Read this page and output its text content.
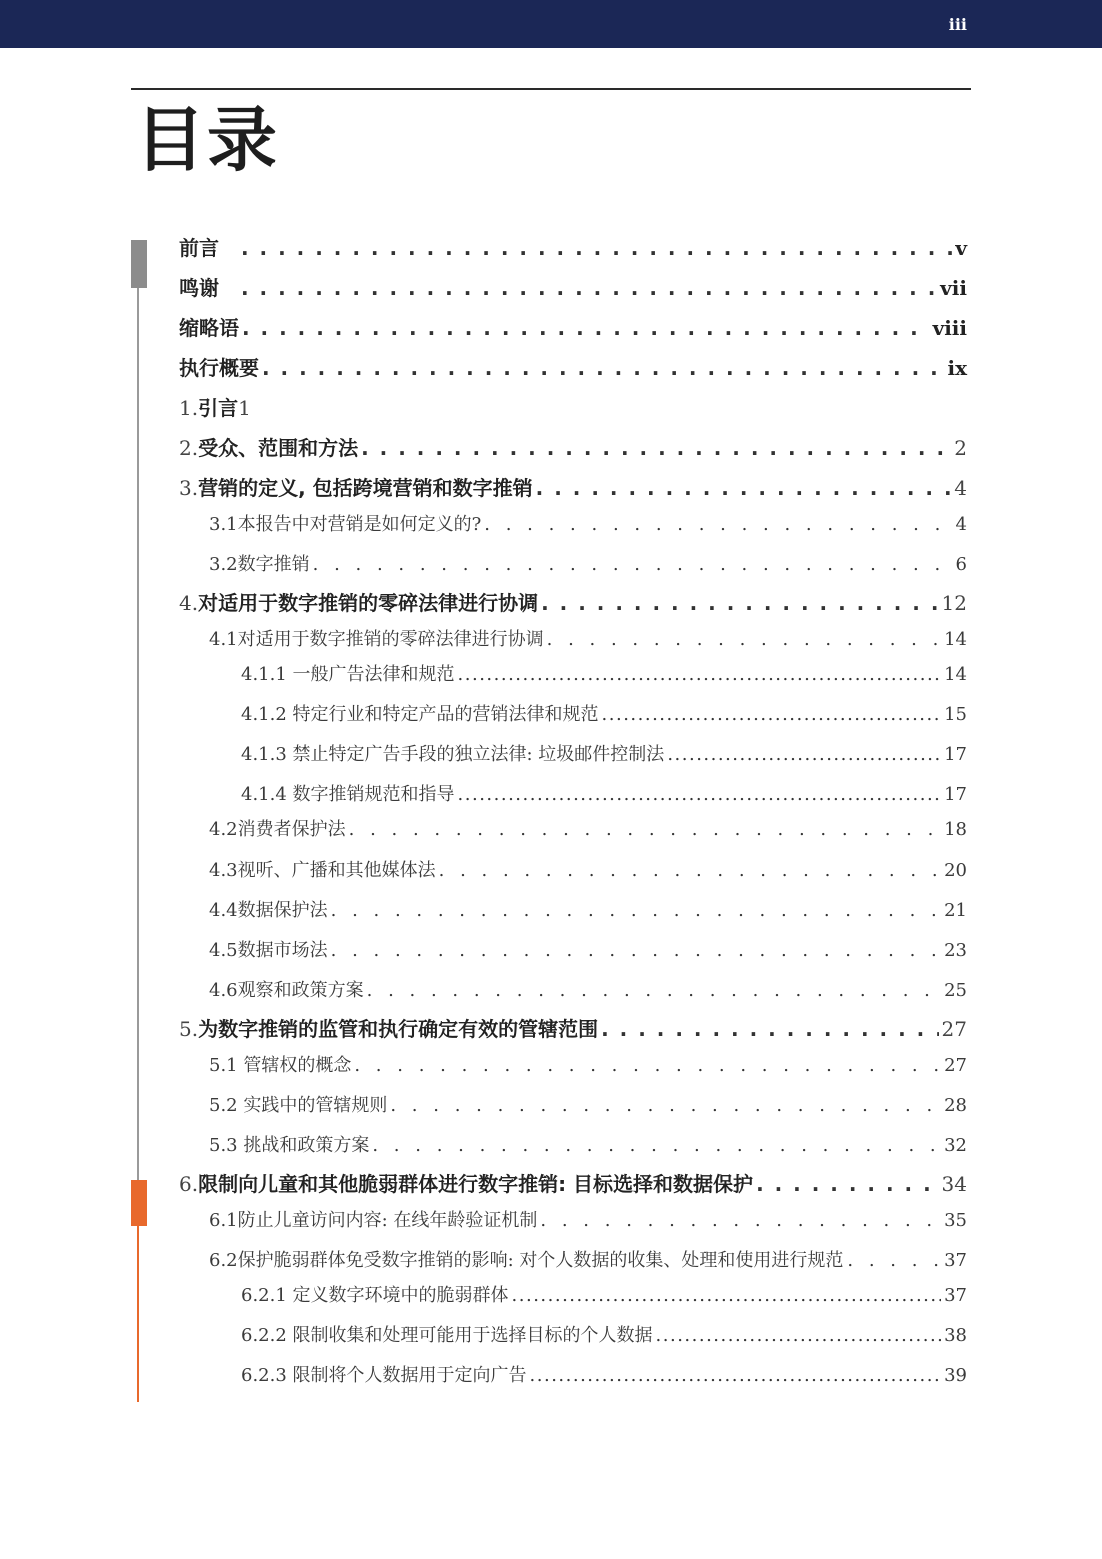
iii
目录
前言 . . .	v
鸣谢 . . .	vii
缩略语 . . .	viii
执行概要 . . .	ix
1. 引言 1
2. 受众、范围和方法 . . .	2
3. 营销的定义, 包括跨境营销和数字推销 . . .	4
3.1本报告中对营销是如何定义的? . . .	4
3.2数字推销 . . .	6
4. 对适用于数字推销的零碎法律进行协调 . . .	12
4.1对适用于数字推销的零碎法律进行协调 . . .	14
4.1.1 一般广告法律和规范 .....	14
4.1.2 特定行业和特定产品的营销法律和规范 .....	15
4.1.3 禁止特定广告手段的独立法律: 垃圾邮件控制法 .....	17
4.1.4 数字推销规范和指导 .....	17
4.2消费者保护法 . . .	18
4.3视听、广播和其他媒体法 . . .	20
4.4数据保护法 . . .	21
4.5数据市场法 . . .	23
4.6观察和政策方案 . . .	25
5. 为数字推销的监管和执行确定有效的管辖范围 . . .	27
5.1 管辖权的概念 . . .	27
5.2 实践中的管辖规则 . . .	28
5.3 挑战和政策方案 . . .	32
6. 限制向儿童和其他脆弱群体进行数字推销: 目标选择和数据保护 . . .	34
6.1防止儿童访问内容: 在线年龄验证机制 . . .	35
6.2保护脆弱群体免受数字推销的影响: 对个人数据的收集、处理和使用进行规范 . . .	37
6.2.1 定义数字环境中的脆弱群体 .....	37
6.2.2 限制收集和处理可能用于选择目标的个人数据 .....	38
6.2.3 限制将个人数据用于定向广告 .....	39
